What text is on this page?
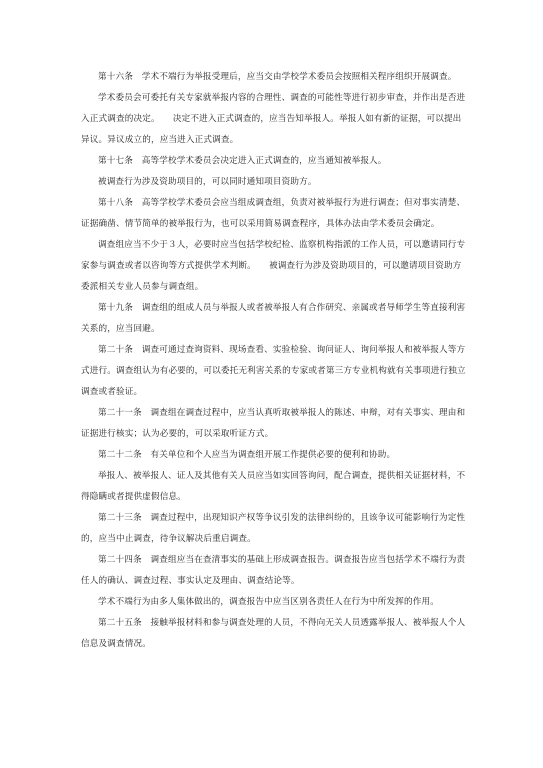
第十六条　学术不端行为举报受理后，应当交由学校学术委员会按照相关程序组织开展调查。

学术委员会可委托有关专家就举报内容的合理性、调查的可能性等进行初步审查，并作出是否进入正式调查的决定。　　决定不进入正式调查的，应当告知举报人。举报人如有新的证据，可以提出异议。异议成立的，应当进入正式调查。

第十七条　高等学校学术委员会决定进入正式调查的，应当通知被举报人。

被调查行为涉及资助项目的，可以同时通知项目资助方。

第十八条　高等学校学术委员会应当组成调查组，负责对被举报行为进行调查；但对事实清楚、证据确凿、情节简单的被举报行为，也可以采用简易调查程序，具体办法由学术委员会确定。

调查组应当不少于３人，必要时应当包括学校纪检、监察机构指派的工作人员，可以邀请同行专家参与调查或者以咨询等方式提供学术判断。　　被调查行为涉及资助项目的，可以邀请项目资助方委派相关专业人员参与调查组。

第十九条　调查组的组成人员与举报人或者被举报人有合作研究、亲属或者导师学生等直接利害关系的，应当回避。

第二十条　调查可通过查询资料、现场查看、实验检验、询问证人、询问举报人和被举报人等方式进行。调查组认为有必要的，可以委托无利害关系的专家或者第三方专业机构就有关事项进行独立调查或者验证。

第二十一条　调查组在调查过程中，应当认真听取被举报人的陈述、申辩，对有关事实、理由和证据进行核实；认为必要的，可以采取听证方式。

第二十二条　有关单位和个人应当为调查组开展工作提供必要的便利和协助。

举报人、被举报人、证人及其他有关人员应当如实回答询问，配合调查，提供相关证据材料，不得隐瞒或者提供虚假信息。

第二十三条　调查过程中，出现知识产权等争议引发的法律纠纷的，且该争议可能影响行为定性的，应当中止调查，待争议解决后重启调查。

第二十四条　调查组应当在查清事实的基础上形成调查报告。调查报告应当包括学术不端行为责任人的确认、调查过程、事实认定及理由、调查结论等。

学术不端行为由多人集体做出的，调查报告中应当区别各责任人在行为中所发挥的作用。

第二十五条　接触举报材料和参与调查处理的人员，不得向无关人员透露举报人、被举报人个人信息及调查情况。
